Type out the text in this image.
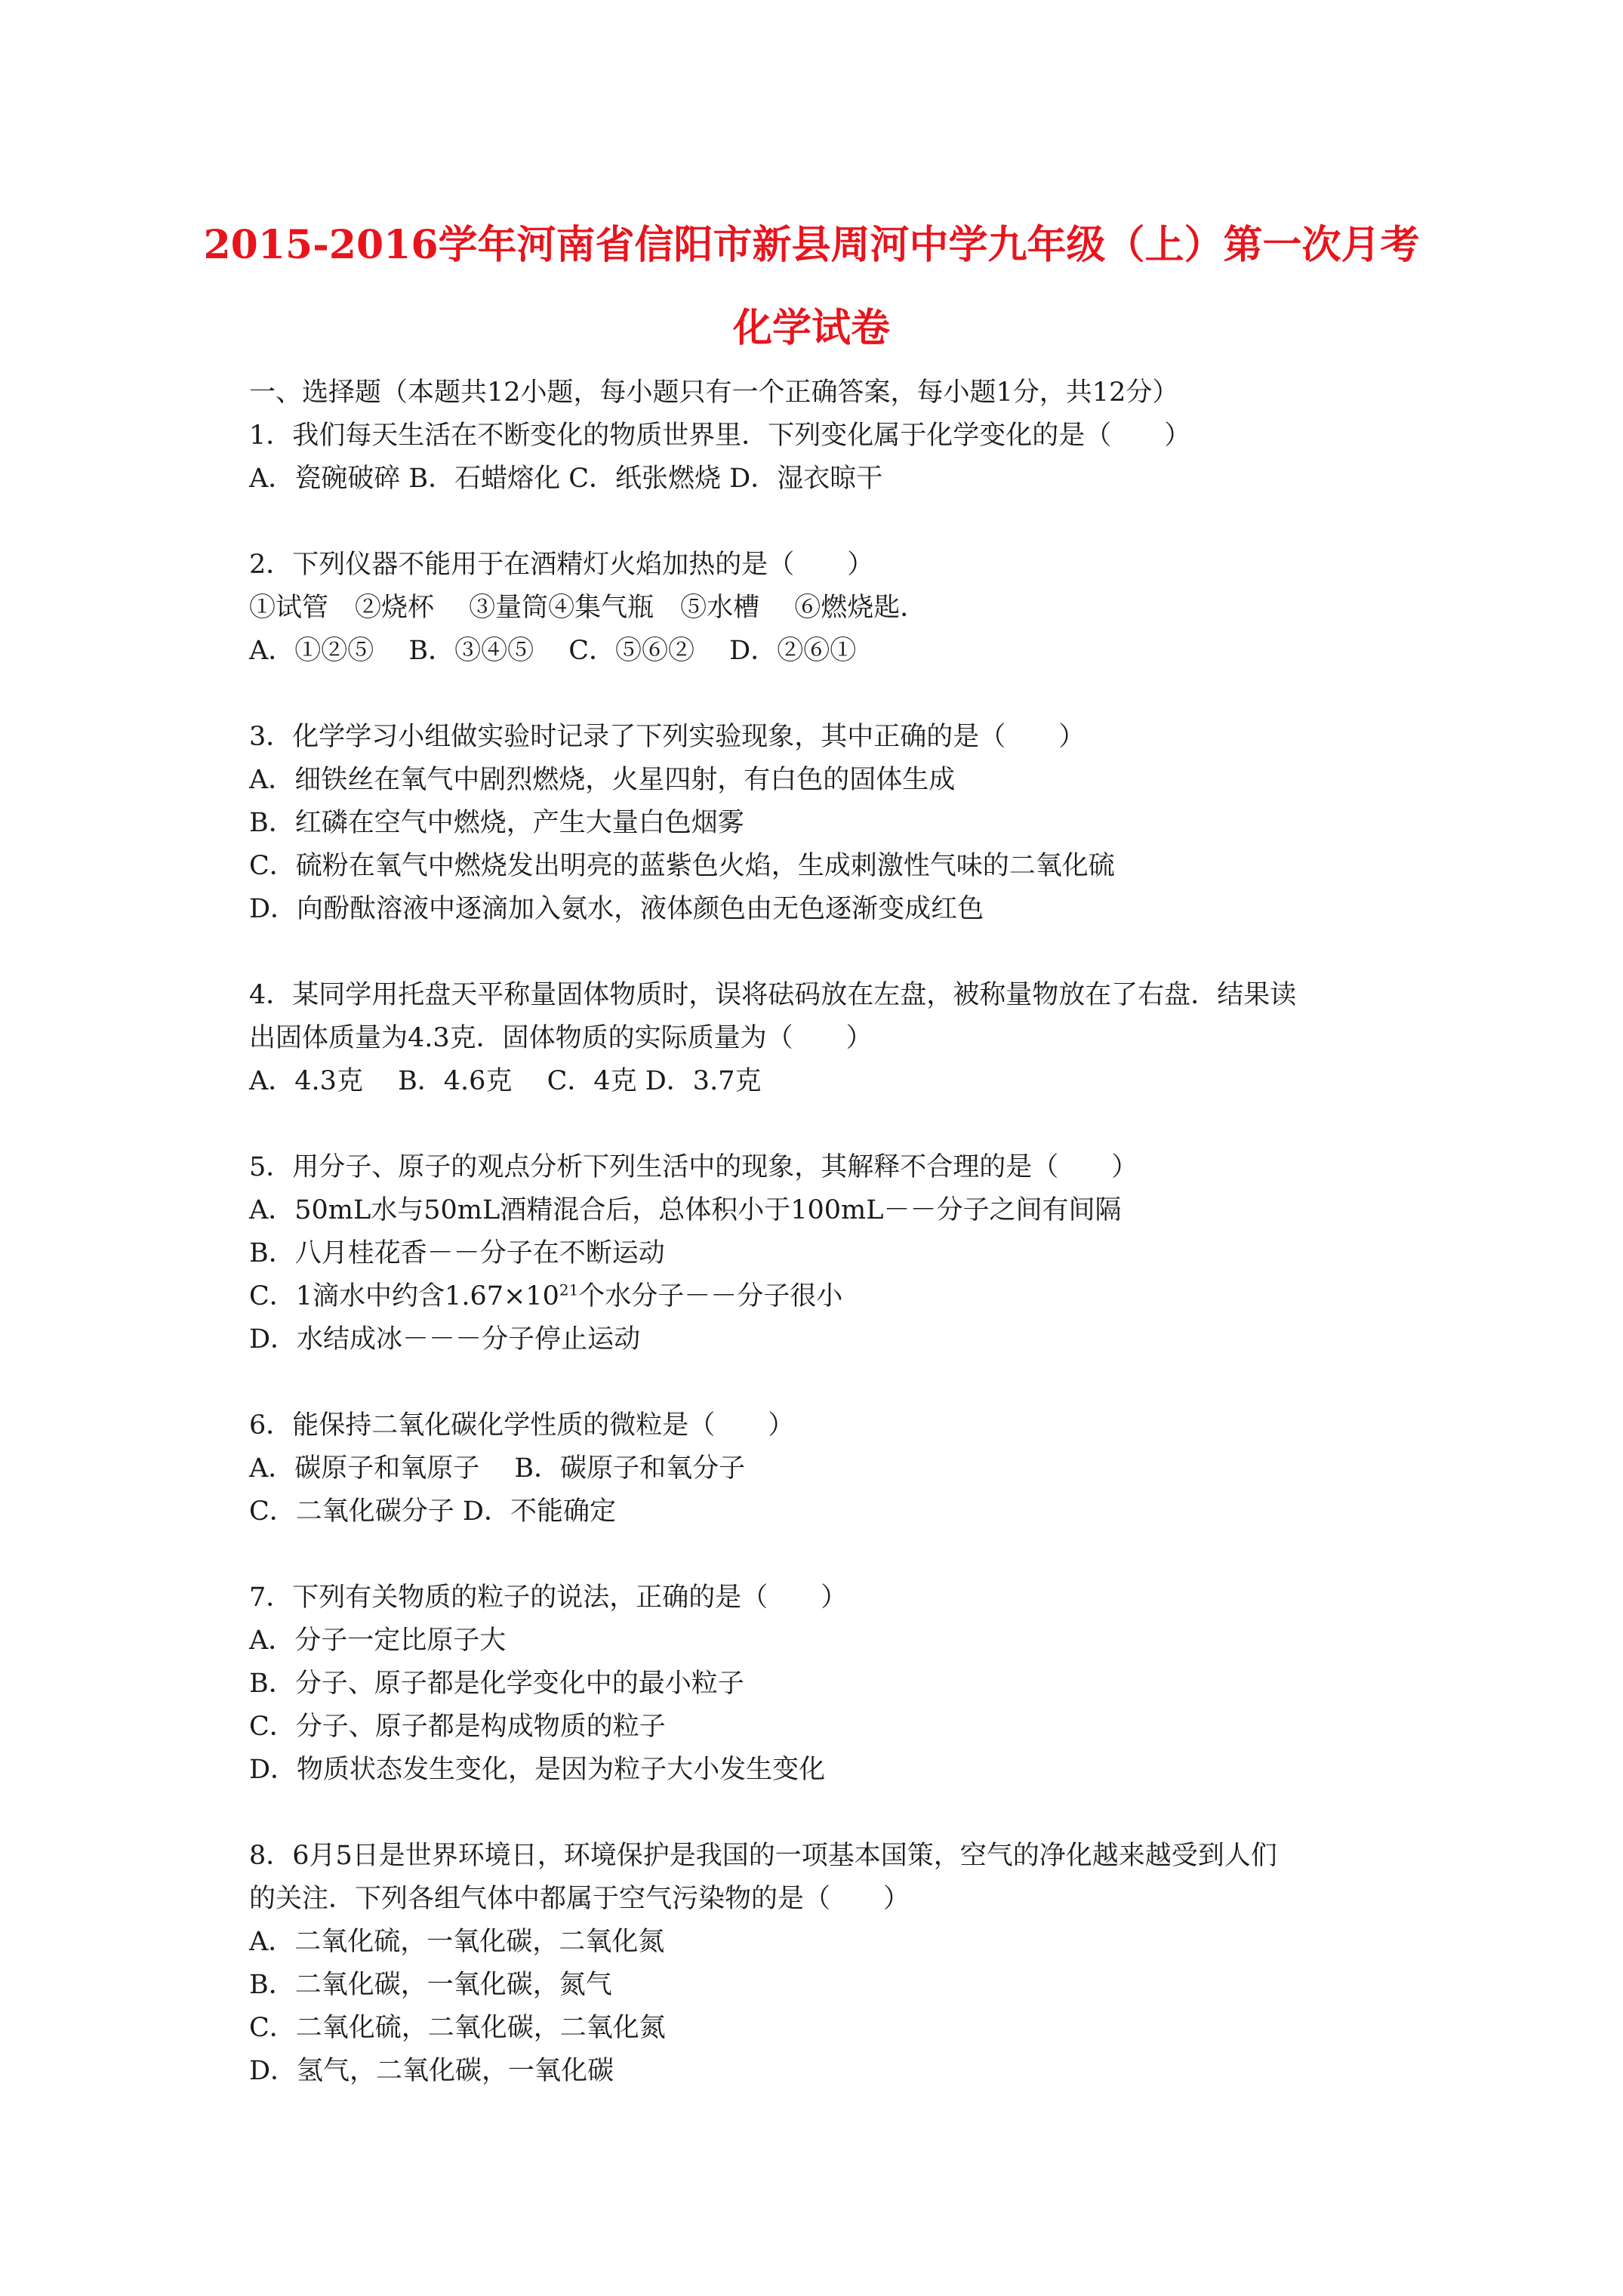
2015-2016学年河南省信阳市新县周河中学九年级（上）第一次月考
化学试卷
一、选择题（本题共12小题，每小题只有一个正确答案，每小题1分，共12分）
1．我们每天生活在不断变化的物质世界里．下列变化属于化学变化的是（　　）
A．瓷碗破碎 B．石蜡熔化 C．纸张燃烧 D．湿衣晾干
2．下列仪器不能用于在酒精灯火焰加热的是（　　）
①试管　②烧杯　 ③量筒④集气瓶　⑤水槽　 ⑥燃烧匙．
A．①②⑤　 B．③④⑤　 C．⑤⑥②　 D．②⑥①
3．化学学习小组做实验时记录了下列实验现象，其中正确的是（　　）
A．细铁丝在氧气中剧烈燃烧，火星四射，有白色的固体生成
B．红磷在空气中燃烧，产生大量白色烟雾
C．硫粉在氧气中燃烧发出明亮的蓝紫色火焰，生成刺激性气味的二氧化硫
D．向酚酞溶液中逐滴加入氨水，液体颜色由无色逐渐变成红色
4．某同学用托盘天平称量固体物质时，误将砝码放在左盘，被称量物放在了右盘．结果读
出固体质量为4.3克．固体物质的实际质量为（　　）
A．4.3克　 B．4.6克　 C．4克 D．3.7克
5．用分子、原子的观点分析下列生活中的现象，其解释不合理的是（　　）
A．50mL水与50mL酒精混合后，总体积小于100mL－－分子之间有间隔
B．八月桂花香－－分子在不断运动
C．1滴水中约含$1.67\times 10^{21}$个水分子－－分子很小
D．水结成冰－－－分子停止运动
6．能保持二氧化碳化学性质的微粒是（　　）
A．碳原子和氧原子　 B．碳原子和氧分子
C．二氧化碳分子 D．不能确定
7．下列有关物质的粒子的说法，正确的是（　　）
A．分子一定比原子大
B．分子、原子都是化学变化中的最小粒子
C．分子、原子都是构成物质的粒子
D．物质状态发生变化，是因为粒子大小发生变化
8．6月5日是世界环境日，环境保护是我国的一项基本国策，空气的净化越来越受到人们
的关注．下列各组气体中都属于空气污染物的是（　　）
A．二氧化硫，一氧化碳，二氧化氮
B．二氧化碳，一氧化碳，氮气
C．二氧化硫，二氧化碳，二氧化氮
D．氢气，二氧化碳，一氧化碳
